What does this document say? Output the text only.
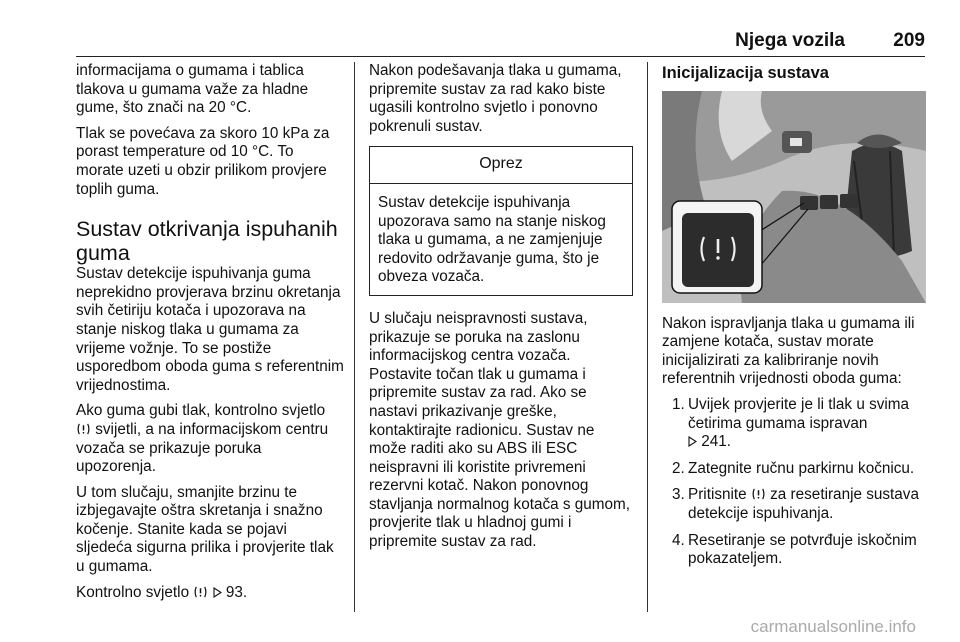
Njega vozila	209

informacijama o gumama i tablica tlakova u gumama važe za hladne gume, što znači na 20 °C.

Tlak se povećava za skoro 10 kPa za porast temperature od 10 °C. To morate uzeti u obzir prilikom provjere toplih guma.

Sustav otkrivanja ispuhanih guma

Sustav detekcije ispuhivanja guma neprekidno provjerava brzinu okretanja svih četiriju kotača i upozorava na stanje niskog tlaka u gumama za vrijeme vožnje. To se postiže usporedbom oboda guma s referentnim vrijednostima.

Ako guma gubi tlak, kontrolno svjetlo
svijetli, a na informacijskom centru vozača se prikazuje poruka upozorenja.

U tom slučaju, smanjite brzinu te izbjegavajte oštra skretanja i snažno kočenje. Stanite kada se pojavi sljedeća sigurna prilika i provjerite tlak u gumama.

Kontrolno svjetlo 93.

Nakon podešavanja tlaka u gumama, pripremite sustav za rad kako biste ugasili kontrolno svjetlo i ponovno pokrenuli sustav.

Oprez
Sustav detekcije ispuhivanja upozorava samo na stanje niskog tlaka u gumama, a ne zamjenjuje redovito održavanje guma, što je obveza vozača.

U slučaju neispravnosti sustava, prikazuje se poruka na zaslonu informacijskog centra vozača. Postavite točan tlak u gumama i pripremite sustav za rad. Ako se nastavi prikazivanje greške, kontaktirajte radionicu. Sustav ne može raditi ako su ABS ili ESC neispravni ili koristite privremeni rezervni kotač. Nakon ponovnog stavljanja normalnog kotača s gumom, provjerite tlak u hladnoj gumi i pripremite sustav za rad.

Inicijalizacija sustava

Nakon ispravljanja tlaka u gumama ili zamjene kotača, sustav morate inicijalizirati za kalibriranje novih referentnih vrijednosti oboda guma:

1. Uvijek provjerite je li tlak u svima četirima gumama ispravan
241.
2. Zategnite ručnu parkirnu kočnicu.
3. Pritisnite za resetiranje sustava detekcije ispuhivanja.
4. Resetiranje se potvrđuje iskočnim pokazateljem.
carmanualsonline.info
